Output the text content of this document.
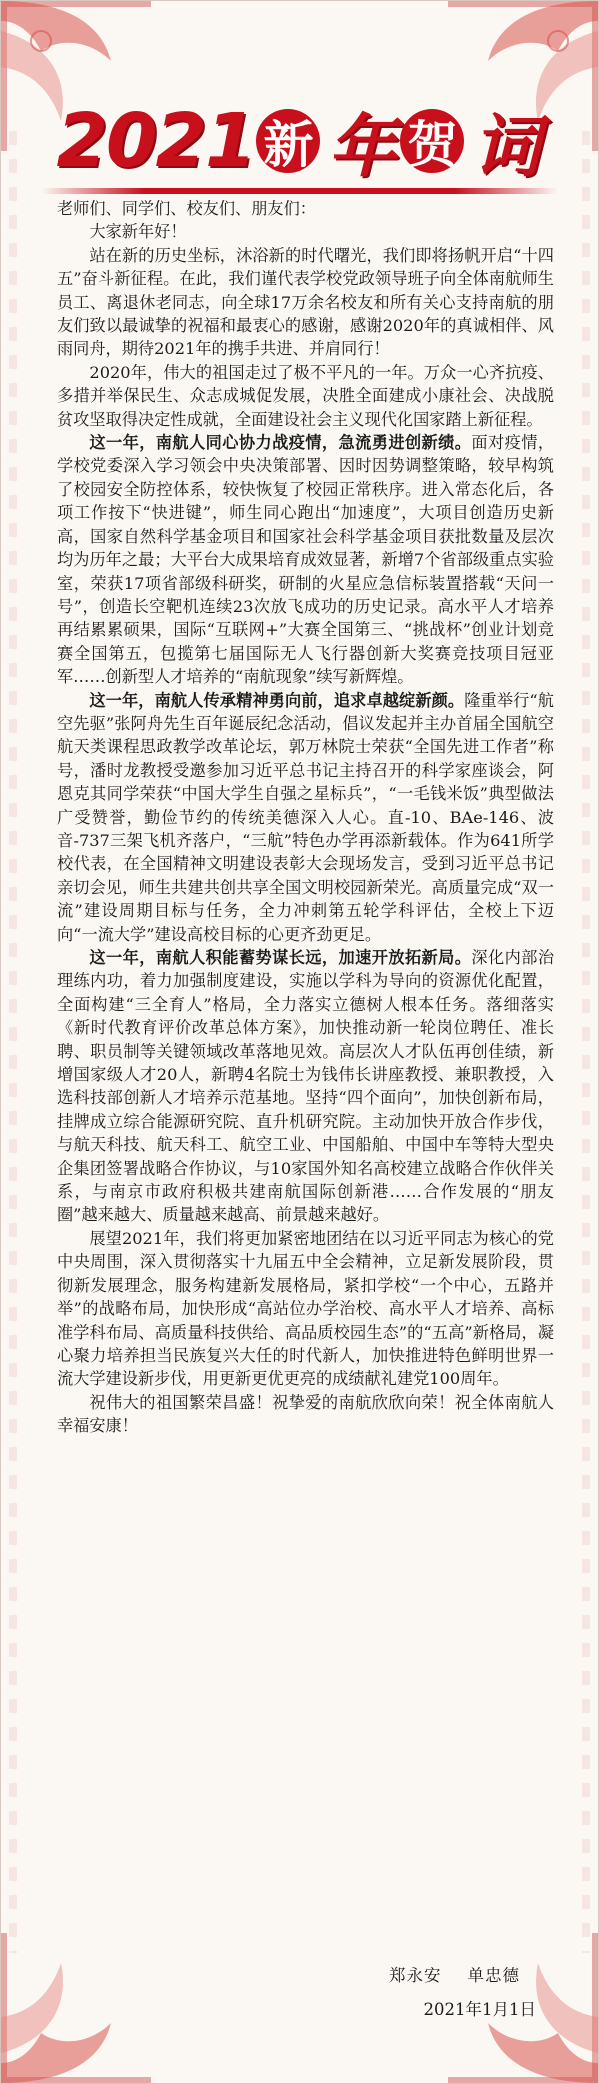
2021 新 年 贺 词

老师们、同学们、校友们、朋友们：

大家新年好！

站在新的历史坐标，沐浴新的时代曙光，我们即将扬帆开启“十四五”奋斗新征程。在此，我们谨代表学校党政领导班子向全体南航师生员工、离退休老同志，向全球17万余名校友和所有关心支持南航的朋友们致以最诚挚的祝福和最衷心的感谢，感谢2020年的真诚相伴、风雨同舟，期待2021年的携手共进、并肩同行！

2020年，伟大的祖国走过了极不平凡的一年。万众一心齐抗疫、多措并举保民生、众志成城促发展，决胜全面建成小康社会、决战脱贫攻坚取得决定性成就，全面建设社会主义现代化国家踏上新征程。

这一年，南航人同心协力战疫情，急流勇进创新绩。面对疫情，学校党委深入学习领会中央决策部署、因时因势调整策略，较早构筑了校园安全防控体系，较快恢复了校园正常秩序。进入常态化后，各项工作按下“快进键”，师生同心跑出“加速度”，大项目创造历史新高，国家自然科学基金项目和国家社会科学基金项目获批数量及层次均为历年之最；大平台大成果培育成效显著，新增7个省部级重点实验室，荣获17项省部级科研奖，研制的火星应急信标装置搭载“天问一号”，创造长空靶机连续23次放飞成功的历史记录。高水平人才培养再结累累硕果，国际“互联网+”大赛全国第三、“挑战杯”创业计划竞赛全国第五，包揽第七届国际无人飞行器创新大奖赛竞技项目冠亚军……创新型人才培养的“南航现象”续写新辉煌。

这一年，南航人传承精神勇向前，追求卓越绽新颜。隆重举行“航空先驱”张阿舟先生百年诞辰纪念活动，倡议发起并主办首届全国航空航天类课程思政教学改革论坛，郭万林院士荣获“全国先进工作者”称号，潘时龙教授受邀参加习近平总书记主持召开的科学家座谈会，阿恩克其同学荣获“中国大学生自强之星标兵”，“一毛钱米饭”典型做法广受赞誉，勤俭节约的传统美德深入人心。直-10、BAe-146、波音-737三架飞机齐落户，“三航”特色办学再添新载体。作为641所学校代表，在全国精神文明建设表彰大会现场发言，受到习近平总书记亲切会见，师生共建共创共享全国文明校园新荣光。高质量完成“双一流”建设周期目标与任务，全力冲刺第五轮学科评估，全校上下迈向“一流大学”建设高校目标的心更齐劲更足。

这一年，南航人积能蓄势谋长远，加速开放拓新局。深化内部治理练内功，着力加强制度建设，实施以学科为导向的资源优化配置，全面构建“三全育人”格局，全力落实立德树人根本任务。落细落实《新时代教育评价改革总体方案》，加快推动新一轮岗位聘任、准长聘、职员制等关键领域改革落地见效。高层次人才队伍再创佳绩，新增国家级人才20人，新聘4名院士为钱伟长讲座教授、兼职教授，入选科技部创新人才培养示范基地。坚持“四个面向”，加快创新布局，挂牌成立综合能源研究院、直升机研究院。主动加快开放合作步伐，与航天科技、航天科工、航空工业、中国船舶、中国中车等特大型央企集团签署战略合作协议，与10家国外知名高校建立战略合作伙伴关系，与南京市政府积极共建南航国际创新港……合作发展的“朋友圈”越来越大、质量越来越高、前景越来越好。

展望2021年，我们将更加紧密地团结在以习近平同志为核心的党中央周围，深入贯彻落实十九届五中全会精神，立足新发展阶段，贯彻新发展理念，服务构建新发展格局，紧扣学校“一个中心，五路并举”的战略布局，加快形成“高站位办学治校、高水平人才培养、高标准学科布局、高质量科技供给、高品质校园生态”的“五高”新格局，凝心聚力培养担当民族复兴大任的时代新人，加快推进特色鲜明世界一流大学建设新步伐，用更新更优更亮的成绩献礼建党100周年。

祝伟大的祖国繁荣昌盛！祝挚爱的南航欣欣向荣！祝全体南航人幸福安康！

郑永安 单忠德
2021年1月1日
